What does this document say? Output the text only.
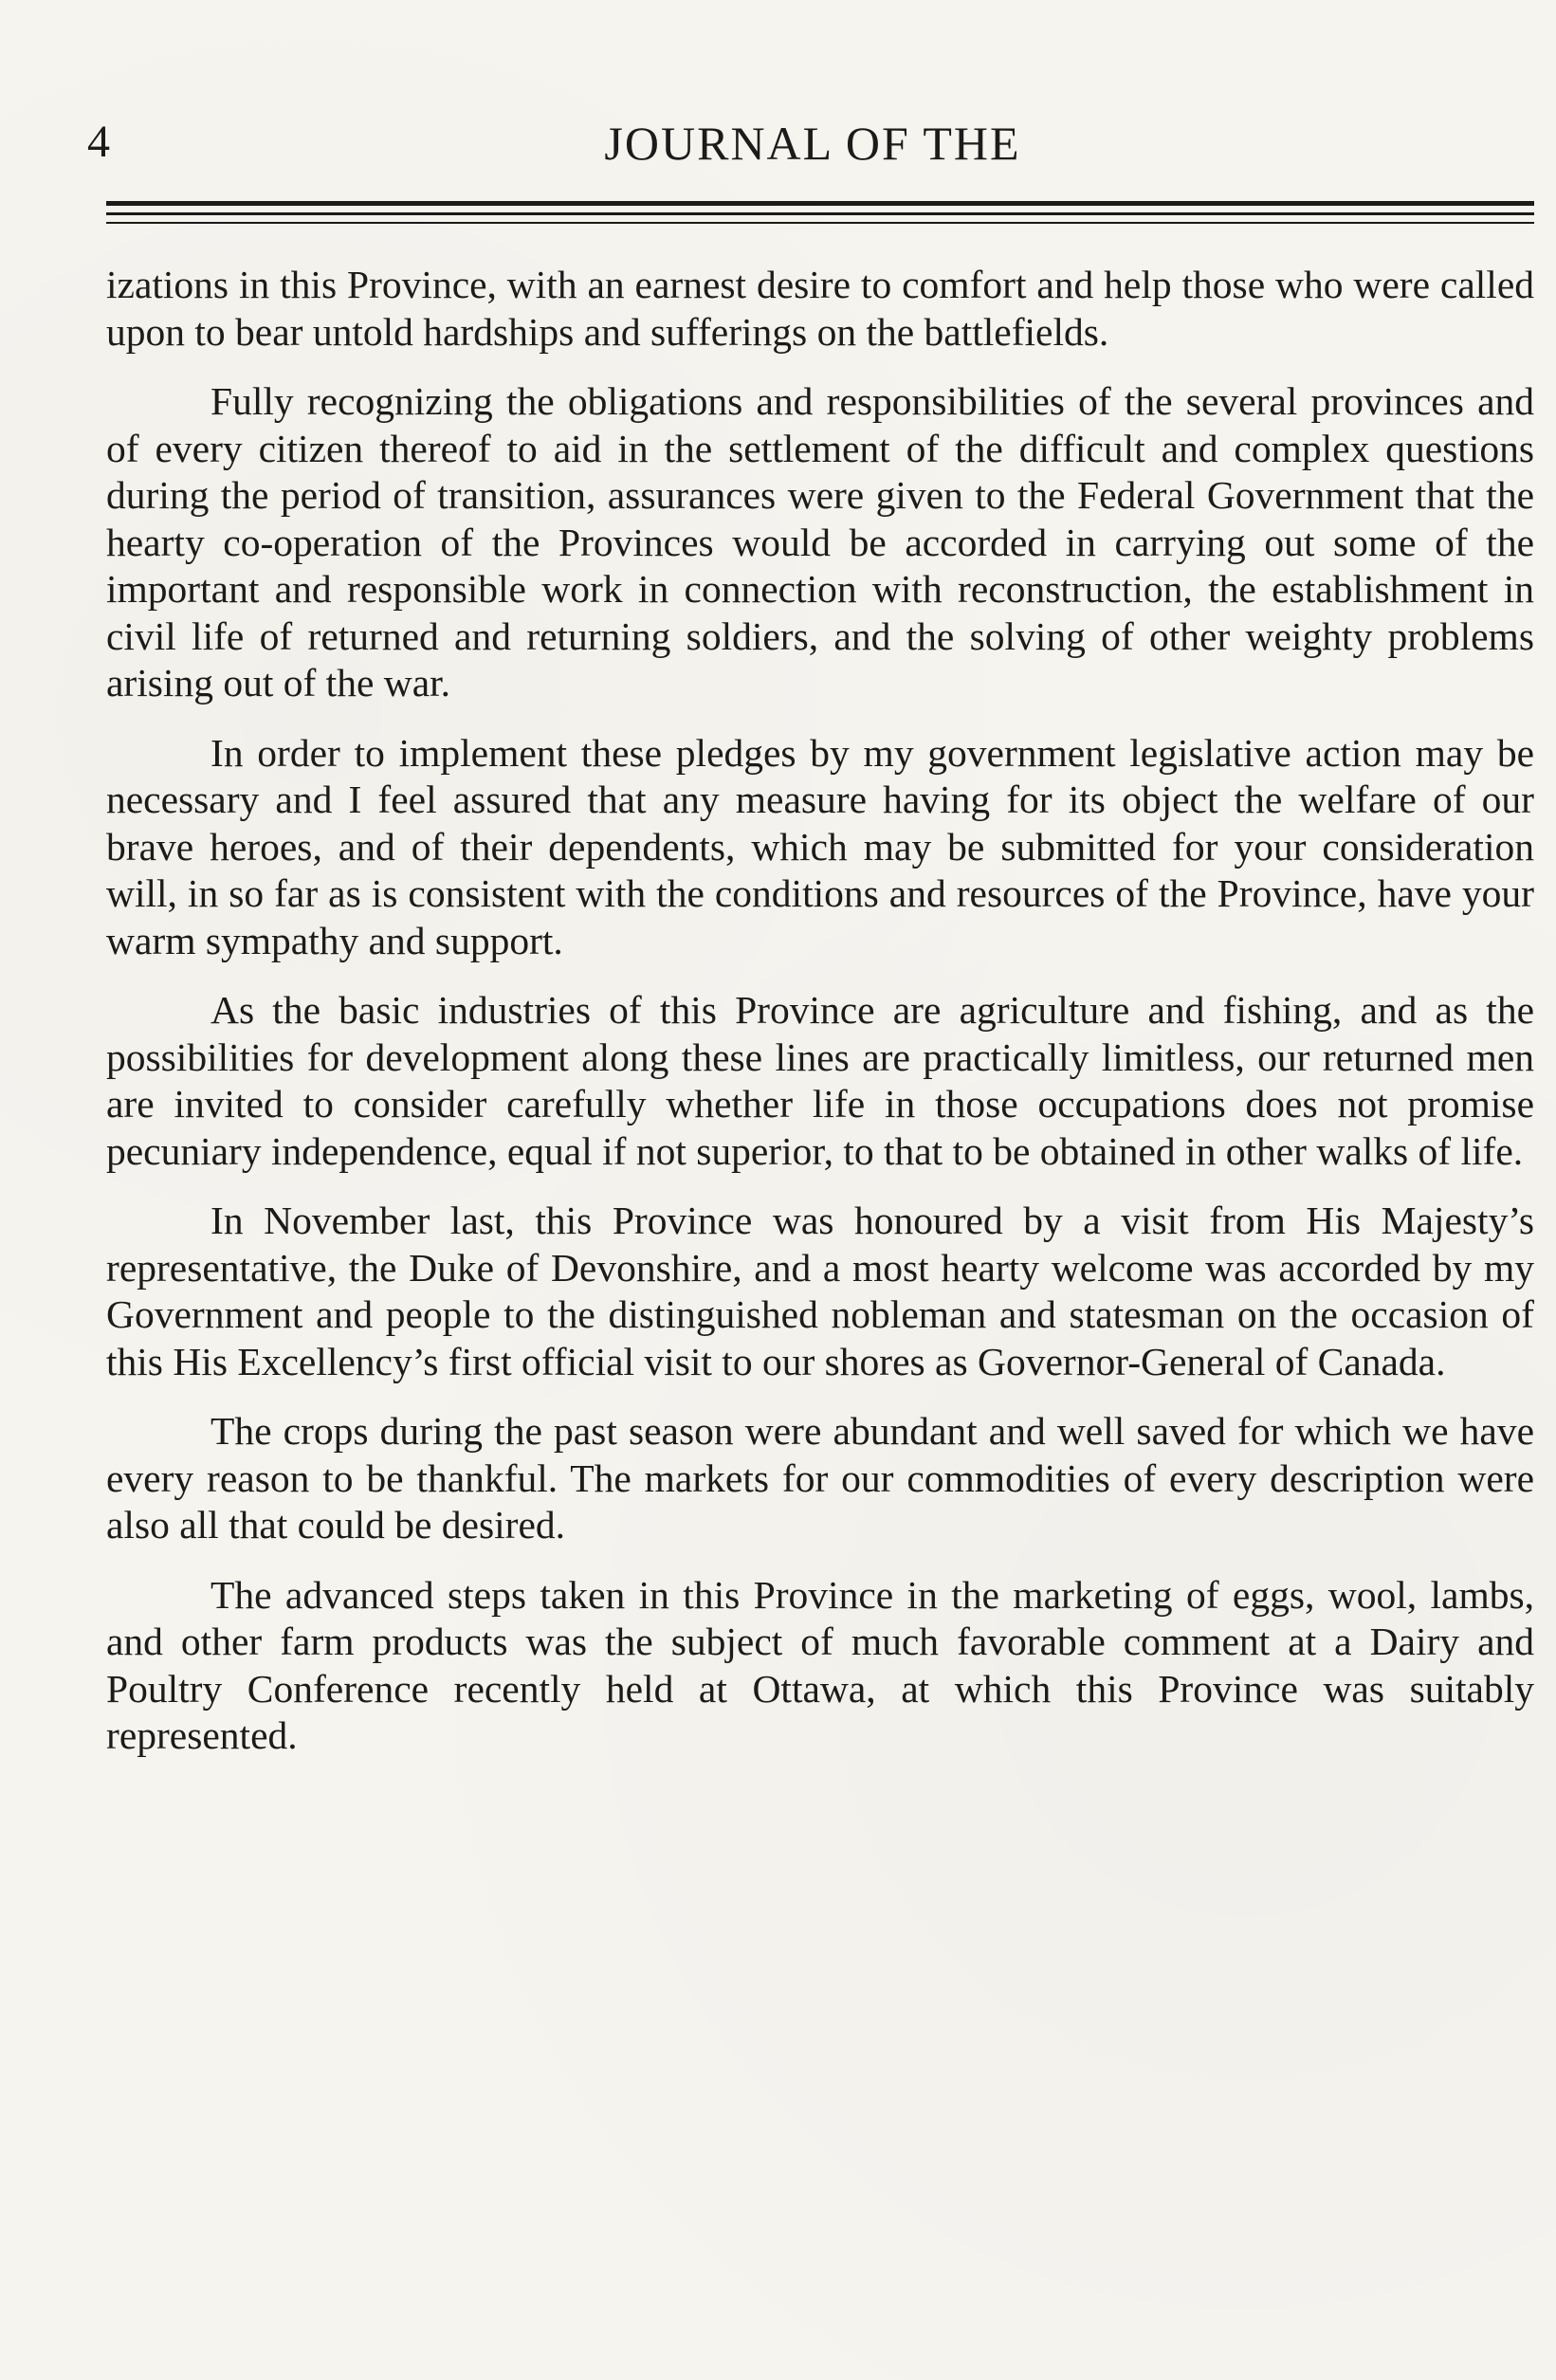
4	JOURNAL OF THE

izations in this Province, with an earnest desire to comfort and help those who were called upon to bear untold hardships and sufferings on the battlefields.

Fully recognizing the obligations and responsibilities of the several provinces and of every citizen thereof to aid in the settlement of the difficult and complex questions during the period of transition, assurances were given to the Federal Government that the hearty co-operation of the Provinces would be accorded in carrying out some of the important and responsible work in connection with reconstruction, the establishment in civil life of returned and returning soldiers, and the solving of other weighty problems arising out of the war.

In order to implement these pledges by my government legislative action may be necessary and I feel assured that any measure having for its object the welfare of our brave heroes, and of their dependents, which may be submitted for your consideration will, in so far as is consistent with the conditions and resources of the Province, have your warm sympathy and support.

As the basic industries of this Province are agriculture and fishing, and as the possibilities for development along these lines are practically limitless, our returned men are invited to consider carefully whether life in those occupations does not promise pecuniary independence, equal if not superior, to that to be obtained in other walks of life.

In November last, this Province was honoured by a visit from His Majesty’s representative, the Duke of Devonshire, and a most hearty welcome was accorded by my Government and people to the distinguished nobleman and statesman on the occasion of this His Excellency’s first official visit to our shores as Governor-General of Canada.

The crops during the past season were abundant and well saved for which we have every reason to be thankful. The markets for our commodities of every description were also all that could be desired.

The advanced steps taken in this Province in the marketing of eggs, wool, lambs, and other farm products was the subject of much favorable comment at a Dairy and Poultry Conference recently held at Ottawa, at which this Province was suitably represented.
